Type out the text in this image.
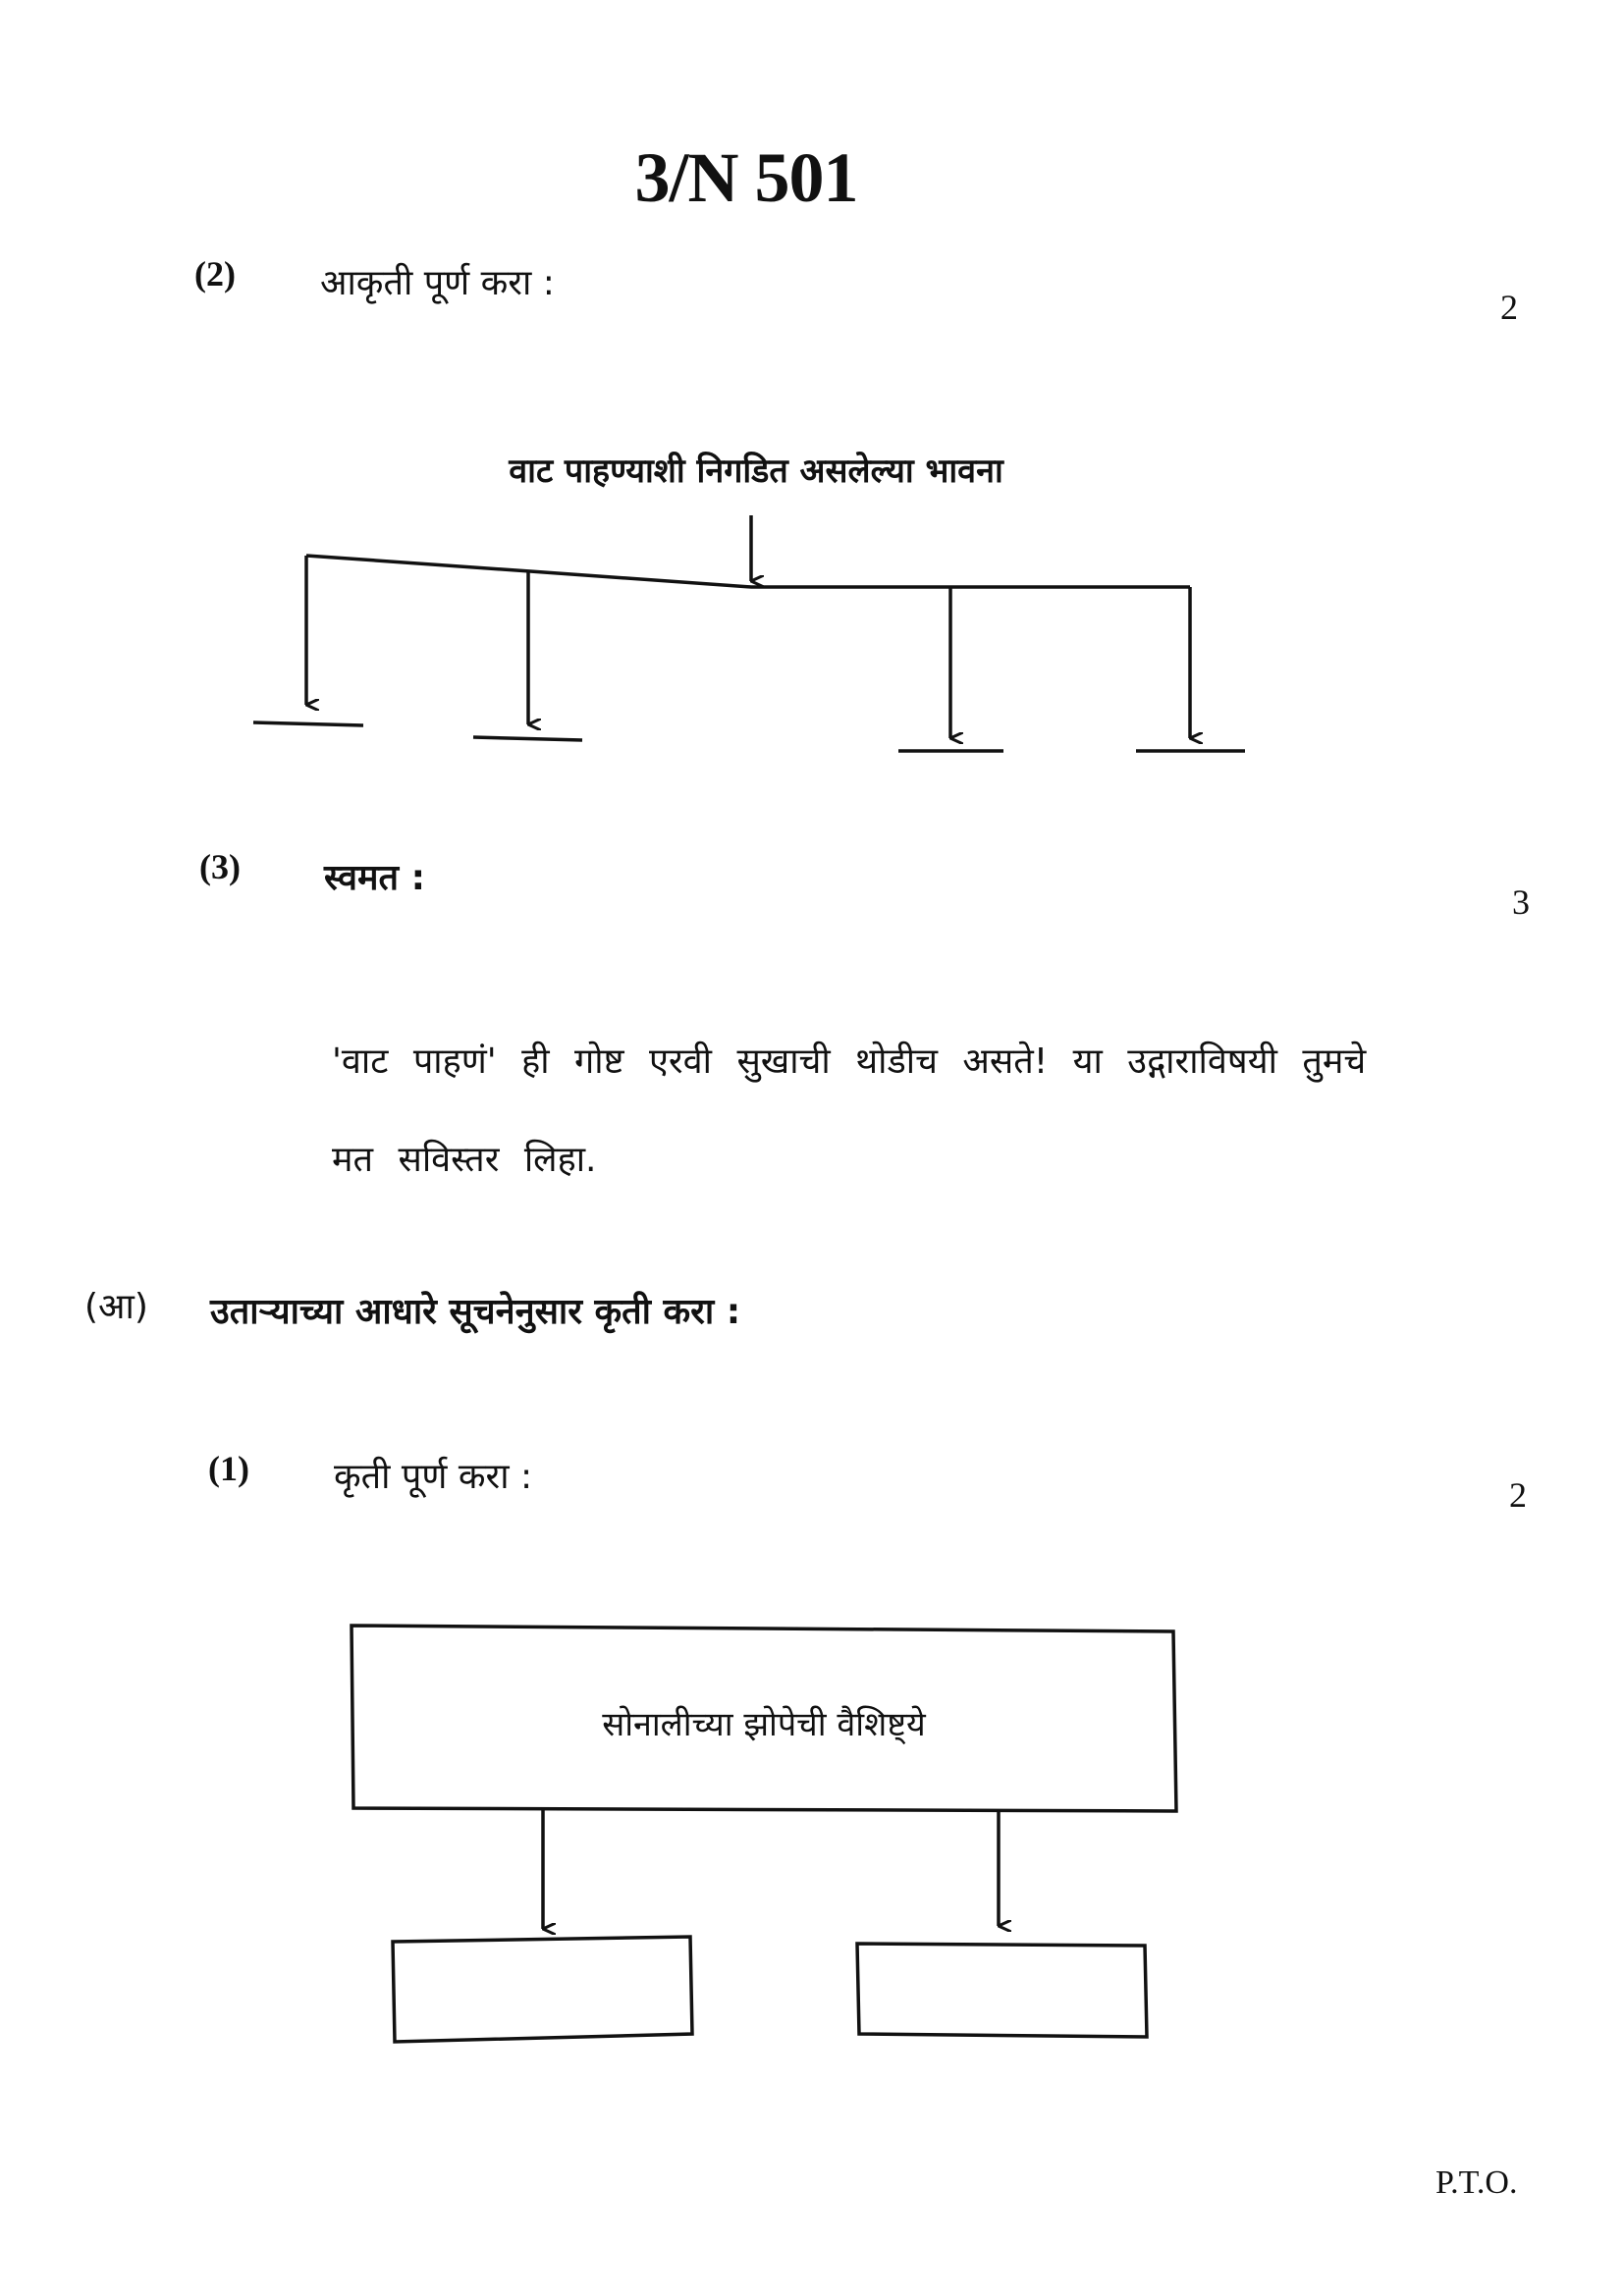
3/N 501
(2) आकृती पूर्ण करा :
2
वाट पाहण्याशी निगडित असलेल्या भावना
(3) स्वमत :
3
'वाट पाहणं' ही गोष्ट एरवी सुखाची थोडीच असते! या उद्गाराविषयी तुमचे
मत सविस्तर लिहा.
(आ) उताऱ्याच्या आधारे सूचनेनुसार कृती करा :
(1) कृती पूर्ण करा :	2
सोनालीच्या झोपेची वैशिष्ट्ये
P.T.O.
